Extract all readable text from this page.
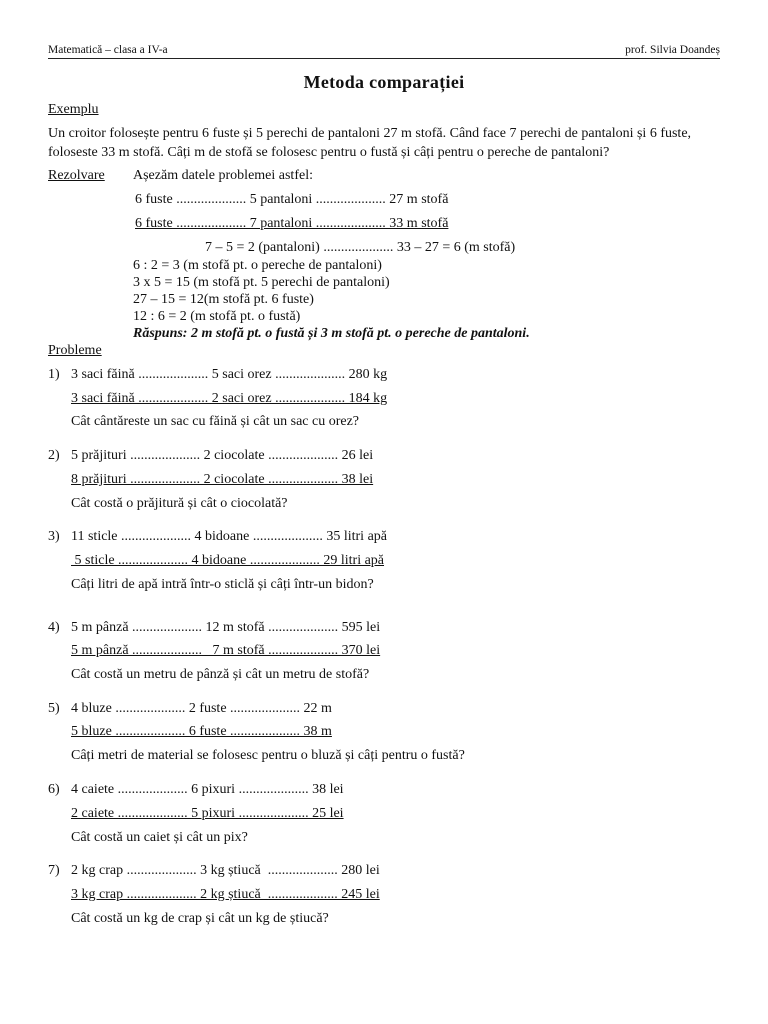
Matematică – clasa a IV-a	prof. Silvia Doandeș
Metoda comparației
Exemplu
Un croitor folosește pentru 6 fuste și 5 perechi de pantaloni 27 m stofă. Când face 7 perechi de pantaloni și 6 fuste, foloseste 33 m stofă. Câți m de stofă se folosesc pentru o fustă și câți pentru o pereche de pantaloni?
Rezolvare Așezăm datele problemei astfel:
6 fuste .................... 5 pantaloni .................... 27 m stofă
6 fuste .................... 7 pantaloni .................... 33 m stofă
7 – 5 = 2 (pantaloni) .................... 33 – 27 = 6 (m stofă)
6 : 2 = 3 (m stofă pt. o pereche de pantaloni)
3 x 5 = 15 (m stofă pt. 5 perechi de pantaloni)
27 – 15 = 12(m stofă pt. 6 fuste)
12 : 6 = 2 (m stofă pt. o fustă)
Răspuns: 2 m stofă pt. o fustă și 3 m stofă pt. o pereche de pantaloni.
Probleme
1) 3 saci făină .................... 5 saci orez .................... 280 kg
3 saci făină .................... 2 saci orez .................... 184 kg
Cât cântăreste un sac cu făină și cât un sac cu orez?
2) 5 prăjituri .................... 2 ciocolate .................... 26 lei
8 prăjituri .................... 2 ciocolate .................... 38 lei
Cât costă o prăjitură și cât o ciocolată?
3) 11 sticle .................... 4 bidoane .................... 35 litri apă
5 sticle .................... 4 bidoane .................... 29 litri apă
Câți litri de apă intră într-o sticlă și câți într-un bidon?
4) 5 m pânză .................... 12 m stofă .................... 595 lei
5 m pânză ....................   7 m stofă .................... 370 lei
Cât costă un metru de pânză și cât un metru de stofă?
5) 4 bluze .................... 2 fuste .................... 22 m
5 bluze .................... 6 fuste .................... 38 m
Câți metri de material se folosesc pentru o bluză și câți pentru o fustă?
6) 4 caiete .................... 6 pixuri .................... 38 lei
2 caiete .................... 5 pixuri .................... 25 lei
Cât costă un caiet și cât un pix?
7) 2 kg crap .................... 3 kg știucă  .................... 280 lei
3 kg crap .................... 2 kg știucă  .................... 245 lei
Cât costă un kg de crap și cât un kg de știucă?
